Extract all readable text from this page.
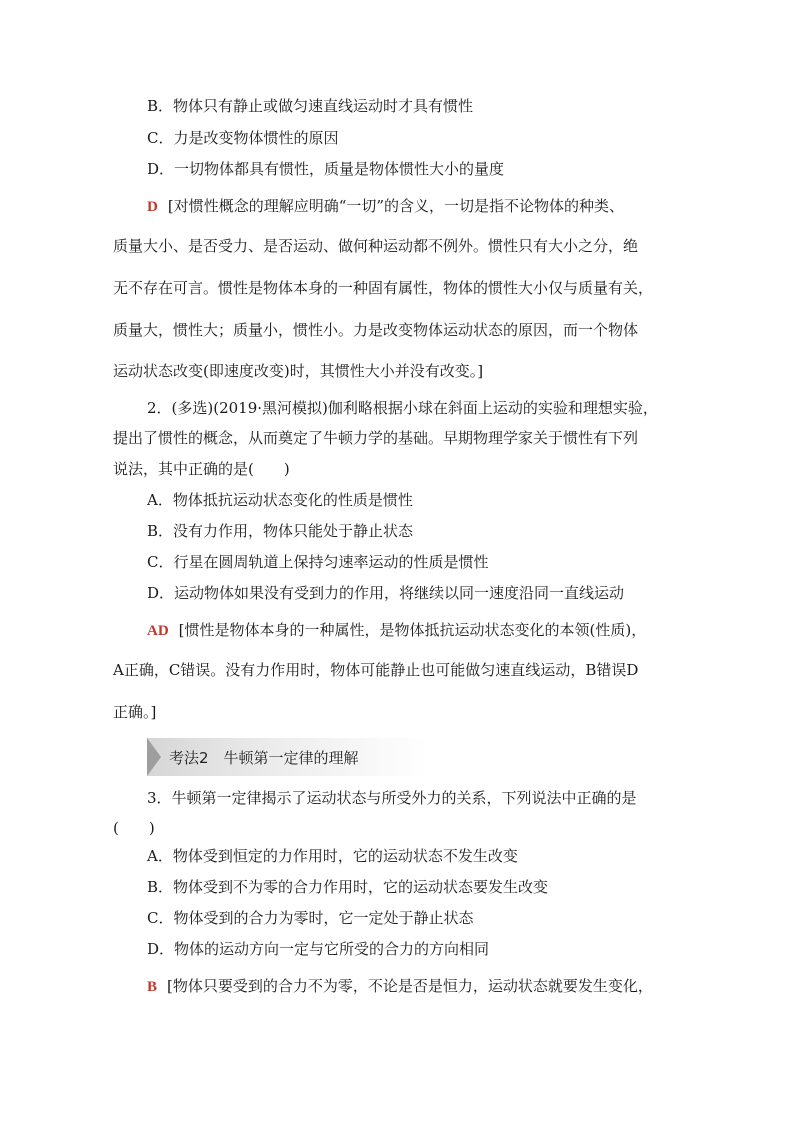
B．物体只有静止或做匀速直线运动时才具有惯性
C．力是改变物体惯性的原因
D．一切物体都具有惯性，质量是物体惯性大小的量度
D [对惯性概念的理解应明确“一切”的含义，一切是指不论物体的种类、
质量大小、是否受力、是否运动、做何种运动都不例外。惯性只有大小之分，绝
无不存在可言。惯性是物体本身的一种固有属性，物体的惯性大小仅与质量有关，
质量大，惯性大；质量小，惯性小。力是改变物体运动状态的原因，而一个物体
运动状态改变(即速度改变)时，其惯性大小并没有改变。]
2．(多选)(2019·黑河模拟)伽利略根据小球在斜面上运动的实验和理想实验，
提出了惯性的概念，从而奠定了牛顿力学的基础。早期物理学家关于惯性有下列
说法，其中正确的是(　　)
A．物体抵抗运动状态变化的性质是惯性
B．没有力作用，物体只能处于静止状态
C．行星在圆周轨道上保持匀速率运动的性质是惯性
D．运动物体如果没有受到力的作用，将继续以同一速度沿同一直线运动
AD [惯性是物体本身的一种属性，是物体抵抗运动状态变化的本领(性质)，
A正确，C错误。没有力作用时，物体可能静止也可能做匀速直线运动，B错误D
正确。]
考法2　牛顿第一定律的理解
3．牛顿第一定律揭示了运动状态与所受外力的关系，下列说法中正确的是
(　　)
A．物体受到恒定的力作用时，它的运动状态不发生改变
B．物体受到不为零的合力作用时，它的运动状态要发生改变
C．物体受到的合力为零时，它一定处于静止状态
D．物体的运动方向一定与它所受的合力的方向相同
B [物体只要受到的合力不为零，不论是否是恒力，运动状态就要发生变化，
